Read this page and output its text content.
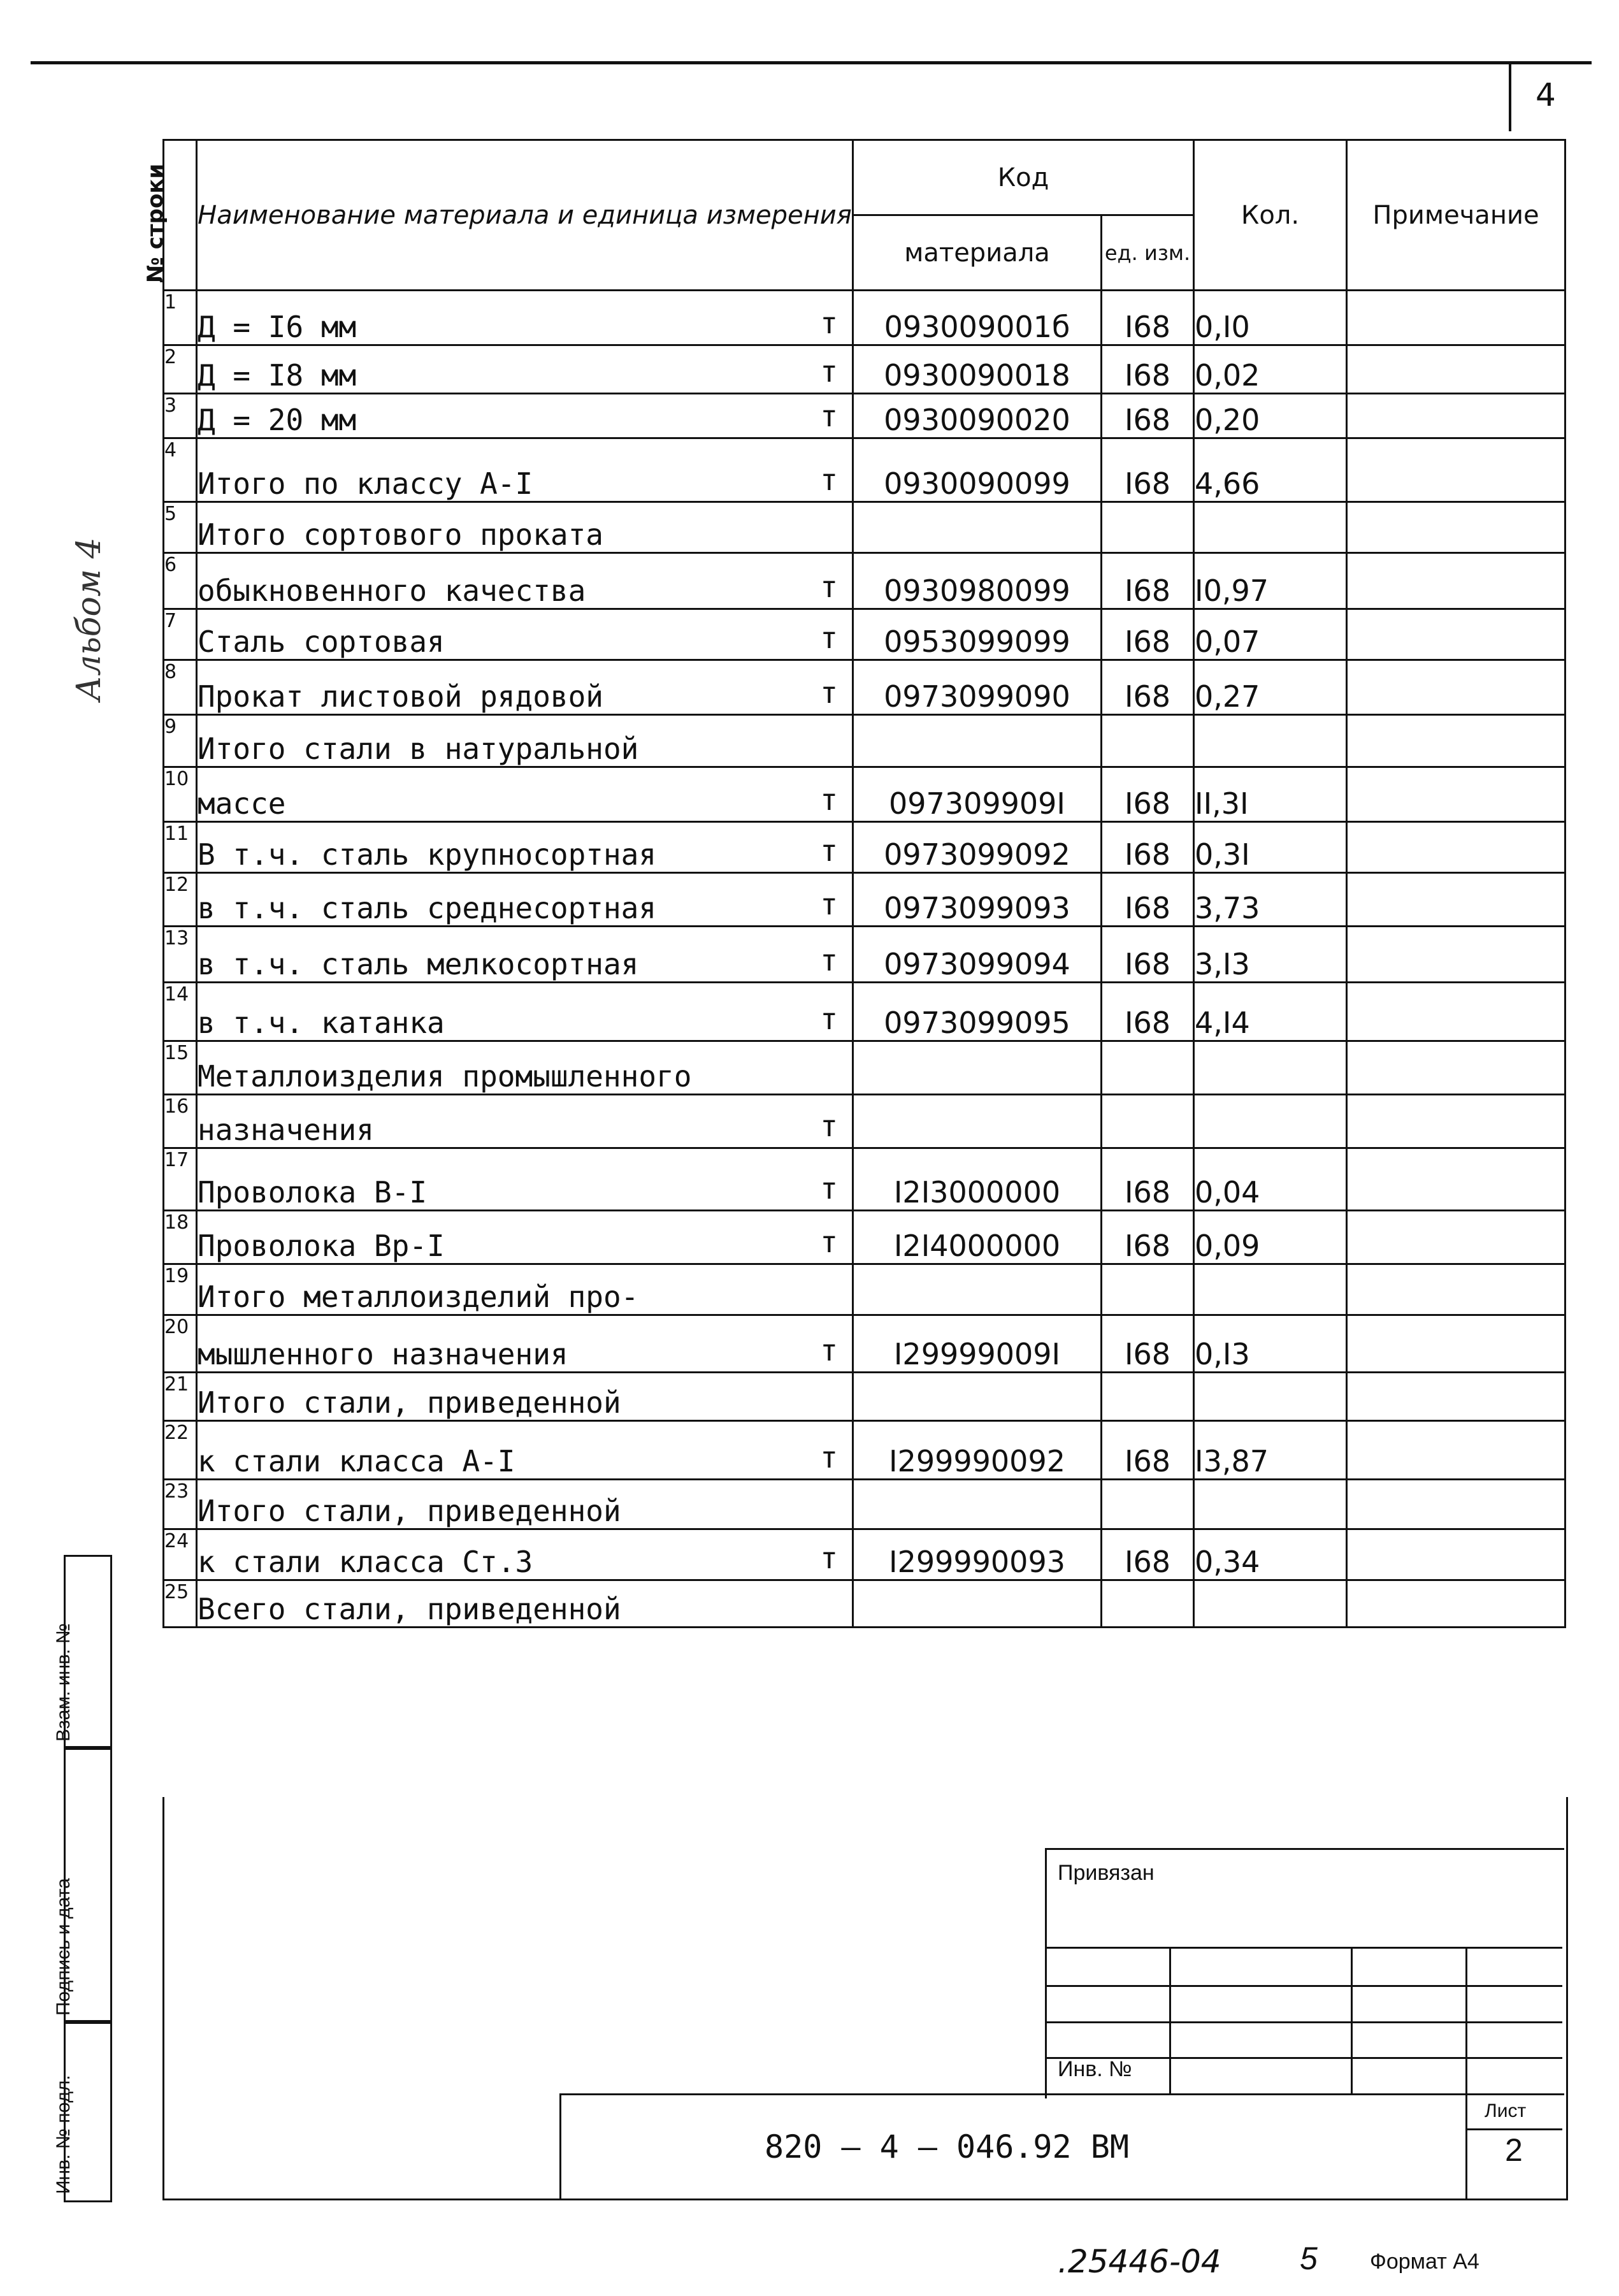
4
Альбом 4
№ строки	Наименование материала и единица измерения	Код		Кол.	Примечание
		материала	ед. изм.		
1	Д = I6 мм т	093009001б	I68	0,I0	
2	Д = I8 мм т	0930090018	I68	0,02	
3	Д = 20 мм т	0930090020	I68	0,20	
4	Итого по классу А-I т	0930090099	I68	4,66	
5	Итого сортового проката

6	обыкновенного качества т	0930980099	I68	I0,97	
7	Сталь сортовая т	0953099099	I68	0,07	
8	Прокат листовой рядовой т	0973099090	I68	0,27	
9	Итого стали в натуральной

10	массе т	097309909I	I68	II,3I	
11	В т.ч. сталь крупносортная т	0973099092	I68	0,3I	
12	в т.ч. сталь среднесортная т	0973099093	I68	3,73	
13	в т.ч. сталь мелкосортная т	0973099094	I68	3,I3	
14	в т.ч. катанка т	0973099095	I68	4,I4	
15	Металлоизделия промышленного

16	назначения т				

17	Проволока В-I т	I2I3000000	I68	0,04	
18	Проволока Вр-I т	I2I4000000	I68	0,09	
19	Итого металлоизделий про-

20	мышленного назначения т	I29999009I	I68	0,I3	
21	Итого стали, приведенной

22	к стали класса А-I т	I299990092	I68	I3,87	
23	Итого стали, приведенной

24	к стали класса Ст.3 т	I299990093	I68	0,34	
25	Всего стали, приведенной

Привязан
Инв. №
820 – 4 – 046.92 ВМ
Лист
2
Взам. инв. №
Подпись и дата
Инв. № подл.
.25446-04 5 Формат А4
